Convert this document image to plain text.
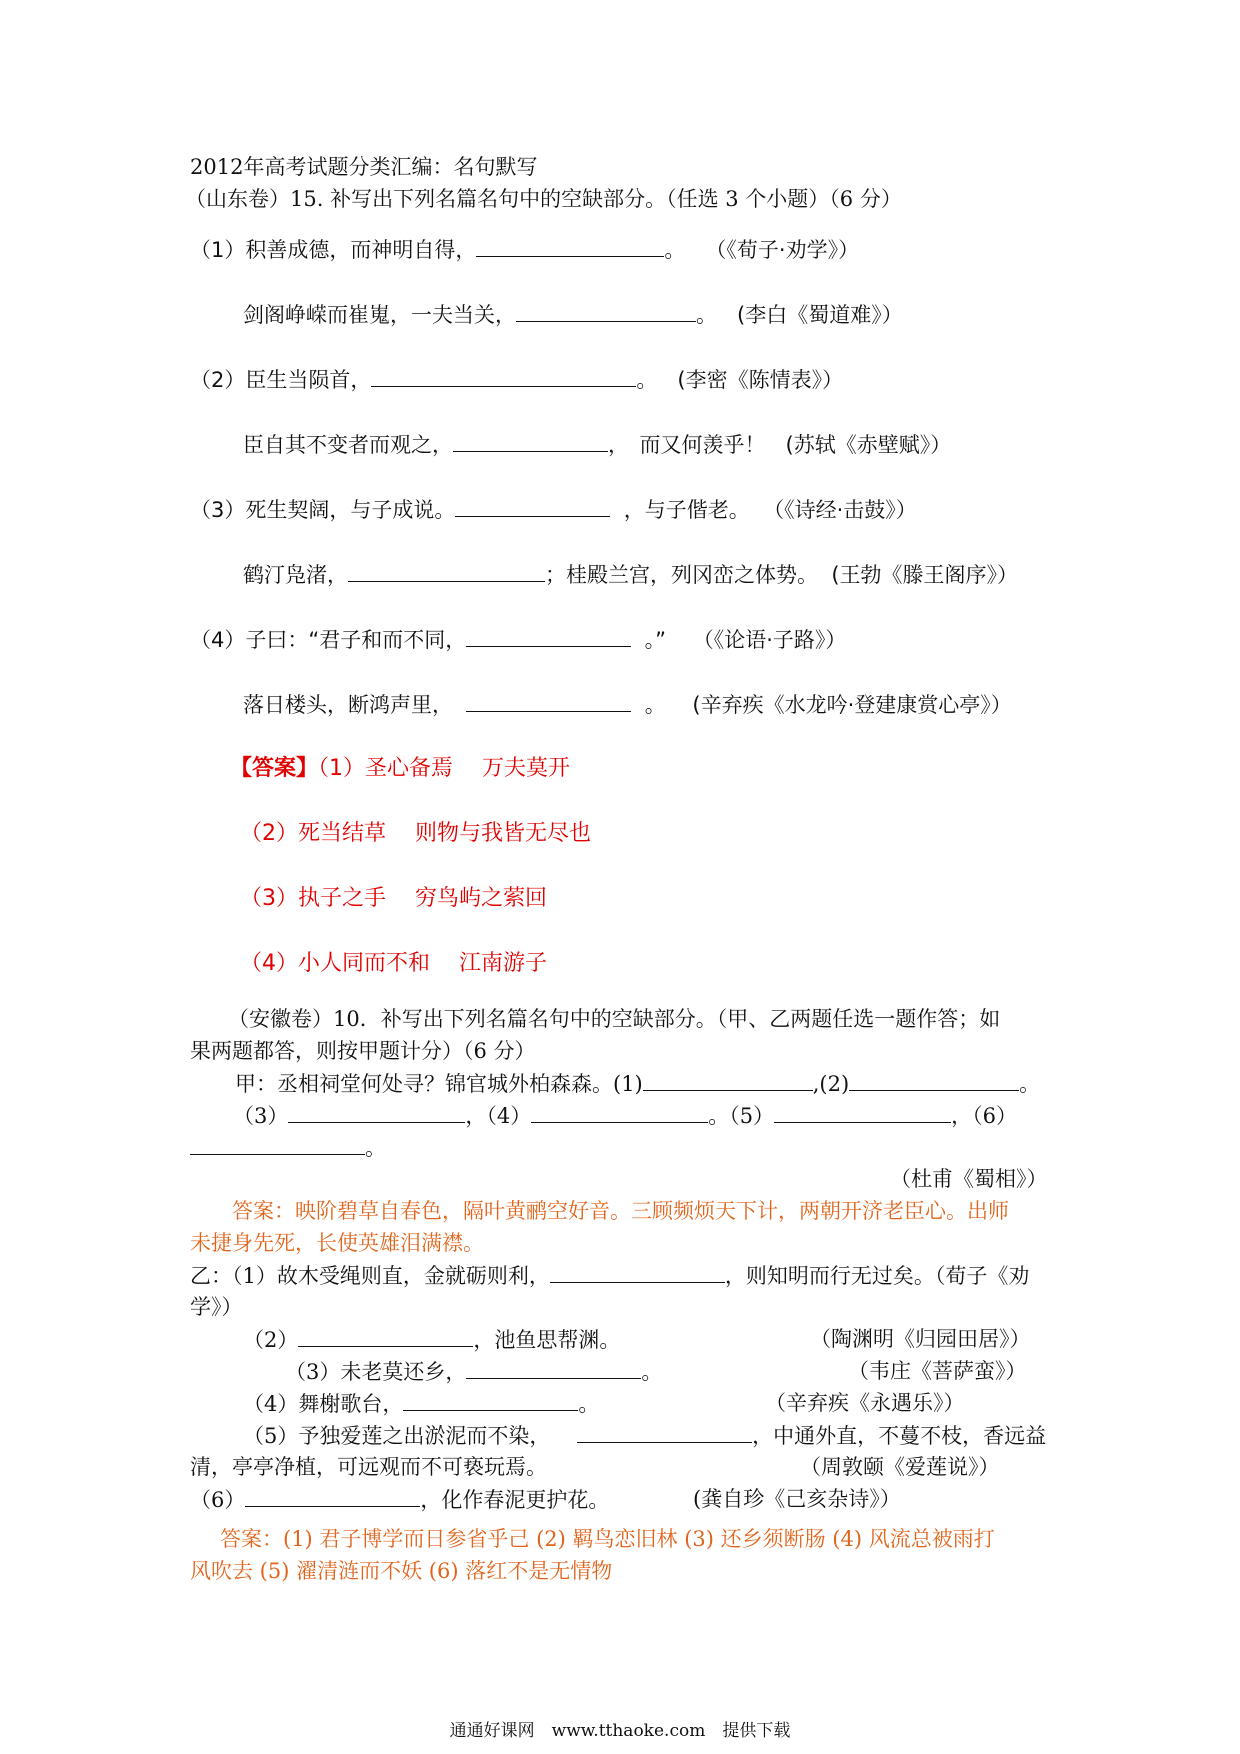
2012年高考试题分类汇编：名句默写
（山东卷）15. 补写出下列名篇名句中的空缺部分。（任选 3 个小题）（6 分）
（1）积善成德，而神明自得，	。 （《荀子·劝学》）
剑阁峥嵘而崔嵬，一夫当关，	。 (李白《蜀道难》）
（2）臣生当陨首，	。 (李密《陈情表》）
臣自其不变者而观之，	，　而又何羡乎！ (苏轼《赤壁赋》）
（3）死生契阔，与子成说。	，与子偕老。 （《诗经·击鼓》）
鹤汀凫渚，	；桂殿兰宫，列冈峦之体势。 (王勃《滕王阁序》）
（4）子曰：“君子和而不同，	。” （《论语·子路》）
落日楼头，断鸿声里，	。 (辛弃疾《水龙吟·登建康赏心亭》）
【答案】（1）圣心备焉　 万夫莫开
（2）死当结草　 则物与我皆无尽也
（3）执子之手　 穷鸟屿之萦回
（4）小人同而不和　 江南游子
（安徽卷）10．补写出下列名篇名句中的空缺部分。（甲、乙两题任选一题作答；如
果两题都答，则按甲题计分）（6 分）
甲：丞相祠堂何处寻？锦官城外柏森森。(1)	,(2)	。
（3）	，（4）	。（5）	，（6）
。
（杜甫《蜀相》）
答案：映阶碧草自春色，隔叶黄鹂空好音。三顾频烦天下计，两朝开济老臣心。出师
未捷身先死，长使英雄泪满襟。
乙：（1）故木受绳则直，金就砺则利，	，则知明而行无过矣。（荀子《劝
学》）
（2）	，池鱼思帮渊。	（陶渊明《归园田居》）
（3）未老莫还乡，	。	（韦庄《菩萨蛮》）
（4）舞榭歌台，	。	（辛弃疾《永遇乐》）
（5）予独爱莲之出淤泥而不染，	，中通外直，不蔓不枝，香远益
清，亭亭净植，可远观而不可亵玩焉。	（周敦颐《爱莲说》）
（6）	，化作春泥更护花。	(龚自珍《己亥杂诗》）
答案：(1) 君子博学而日参省乎己 (2) 羁鸟恋旧林 (3) 还乡须断肠 (4) 风流总被雨打
风吹去 (5) 濯清涟而不妖 (6) 落红不是无情物
通通好课网　www.tthaoke.com　提供下载
